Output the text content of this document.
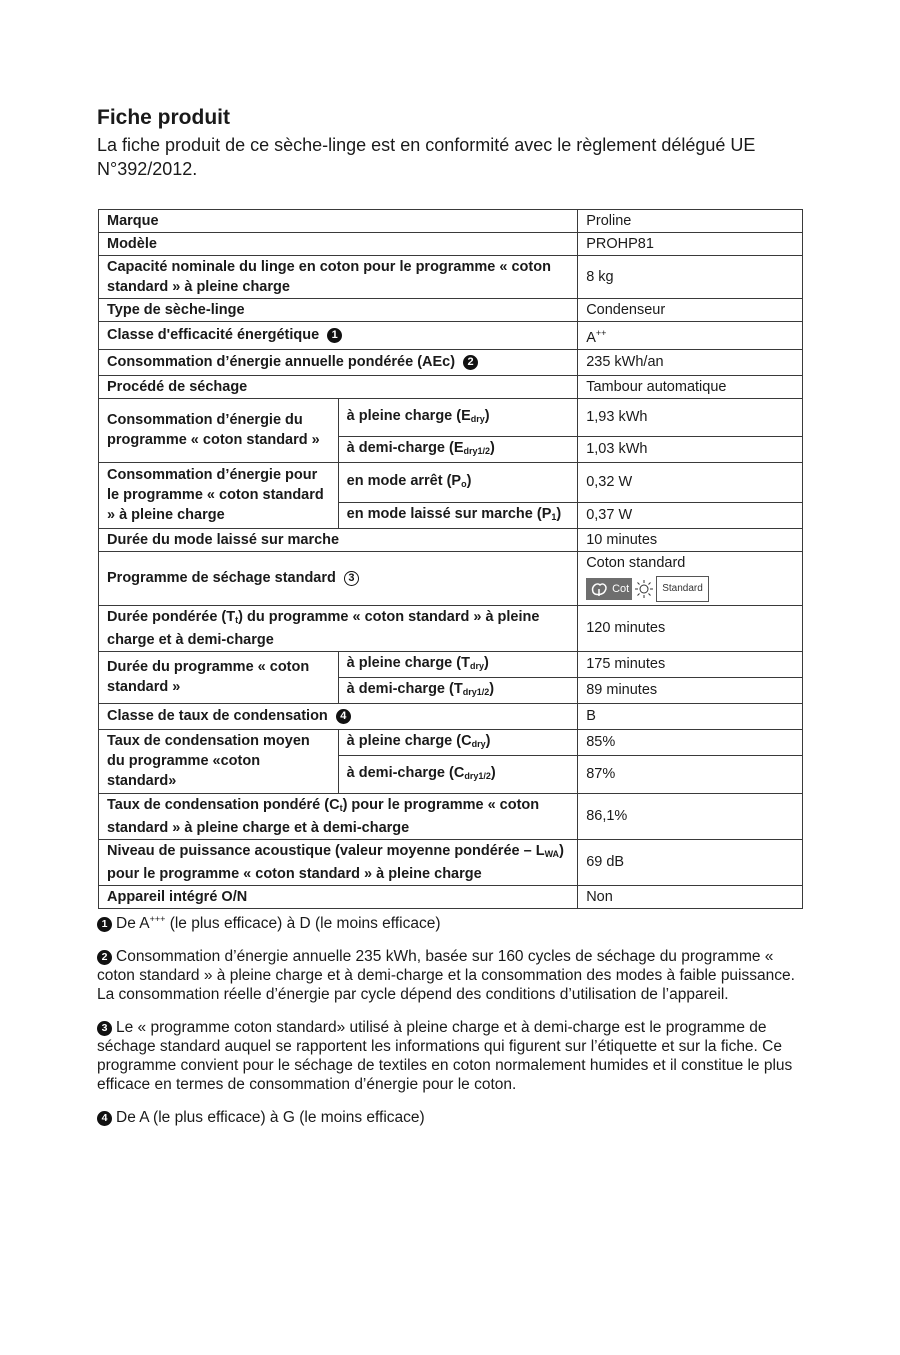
Fiche produit

La fiche produit de ce sèche-linge est en conformité avec le règlement délégué UE N°392/2012.

Marque		Proline
Modèle		PROHP81
Capacité nominale du linge en coton pour le programme « coton standard » à pleine charge		8 kg
Type de sèche-linge		Condenseur
Classe d'efficacité énergétique 1		A++
Consommation d’énergie annuelle pondérée (AEc) 2		235 kWh/an
Procédé de séchage		Tambour automatique
Consommation d’énergie du programme « coton standard »	à pleine charge $(E_{dry})$	1,93 kWh
	à demi-charge $(E_{dry1/2})$	1,03 kWh
Consommation d’énergie pour le programme « coton standard » à pleine charge	en mode arrêt $(P_o)$	0,32 W
	en mode laissé sur marche $(P_1)$	0,37 W
Durée du mode laissé sur marche		10 minutes
Programme de séchage standard 3		Coton standard
Cot Standard

Durée pondérée $(T_t)$ du programme « coton standard » à pleine charge et à demi-charge		120 minutes
Durée du programme « coton standard »	à pleine charge $(T_{dry})$	175 minutes
	à demi-charge $(T_{dry1/2})$	89 minutes
Classe de taux de condensation 4		B
Taux de condensation moyen du programme «coton standard»	à pleine charge $(C_{dry})$	85%
	à demi-charge $(C_{dry1/2})$	87%
Taux de condensation pondéré $(C_t)$ pour le programme « coton standard » à pleine charge et à demi-charge		86,1%
Niveau de puissance acoustique (valeur moyenne pondérée – $L_{WA}$) pour le programme « coton standard » à pleine charge		69 dB
Appareil intégré O/N		Non

1 De A+++ (le plus efficace) à D (le moins efficace)

2 Consommation d’énergie annuelle 235 kWh, basée sur 160 cycles de séchage du programme « coton standard » à pleine charge et à demi-charge et la consommation des modes à faible puissance. La consommation réelle d’énergie par cycle dépend des conditions d’utilisation de l’appareil.

3 Le « programme coton standard» utilisé à pleine charge et à demi-charge est le programme de séchage standard auquel se rapportent les informations qui figurent sur l’étiquette et sur la fiche. Ce programme convient pour le séchage de textiles en coton normalement humides et il constitue le plus efficace en termes de consommation d’énergie pour le coton.

4 De A (le plus efficace) à G (le moins efficace)
